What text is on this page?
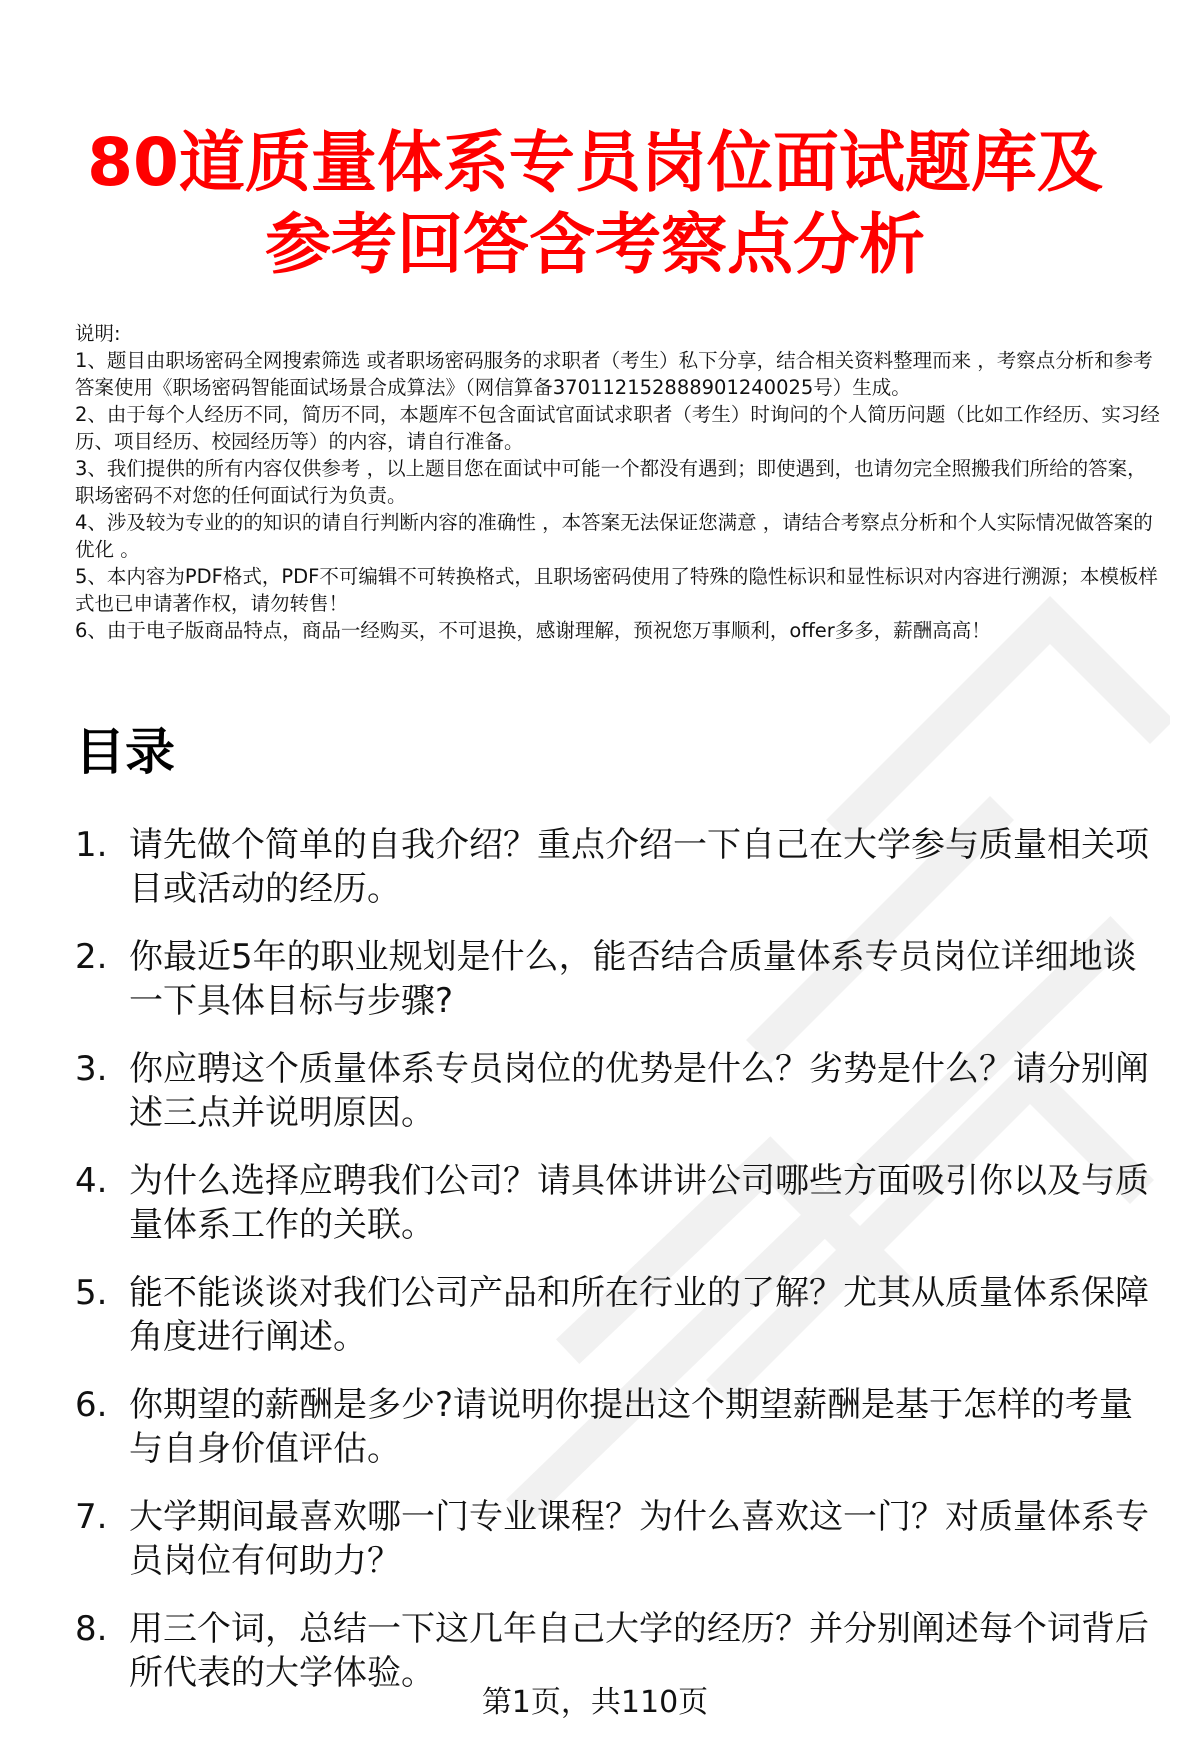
80道质量体系专员岗位面试题库及
参考回答含考察点分析

说明:

1、题目由职场密码全网搜索筛选 或者职场密码服务的求职者（考生）私下分享，结合相关资料整理而来 ，考察点分析和参考答案使用《职场密码智能面试场景合成算法》（网信算备370112152888901240025号）生成。

2、由于每个人经历不同，简历不同，本题库不包含面试官面试求职者（考生）时询问的个人简历问题（比如工作经历、实习经历、项目经历、校园经历等）的内容，请自行准备。

3、我们提供的所有内容仅供参考 ，以上题目您在面试中可能一个都没有遇到；即使遇到，也请勿完全照搬我们所给的答案，职场密码不对您的任何面试行为负责。

4、涉及较为专业的的知识的请自行判断内容的准确性 ，本答案无法保证您满意 ，请结合考察点分析和个人实际情况做答案的优化 。

5、本内容为PDF格式，PDF不可编辑不可转换格式，且职场密码使用了特殊的隐性标识和显性标识对内容进行溯源；本模板样式也已申请著作权，请勿转售！

6、由于电子版商品特点，商品一经购买，不可退换，感谢理解，预祝您万事顺利，offer多多，薪酬高高！

目录
1. 请先做个简单的自我介绍？重点介绍一下自己在大学参与质量相关项目或活动的经历。
2. 你最近5年的职业规划是什么，能否结合质量体系专员岗位详细地谈一下具体目标与步骤?
3. 你应聘这个质量体系专员岗位的优势是什么？劣势是什么？请分别阐述三点并说明原因。
4. 为什么选择应聘我们公司？请具体讲讲公司哪些方面吸引你以及与质量体系工作的关联。
5. 能不能谈谈对我们公司产品和所在行业的了解？尤其从质量体系保障角度进行阐述。
6. 你期望的薪酬是多少?请说明你提出这个期望薪酬是基于怎样的考量与自身价值评估。
7. 大学期间最喜欢哪一门专业课程？为什么喜欢这一门？对质量体系专员岗位有何助力？
8. 用三个词，总结一下这几年自己大学的经历？并分别阐述每个词背后所代表的大学体验。
第1页，共110页
